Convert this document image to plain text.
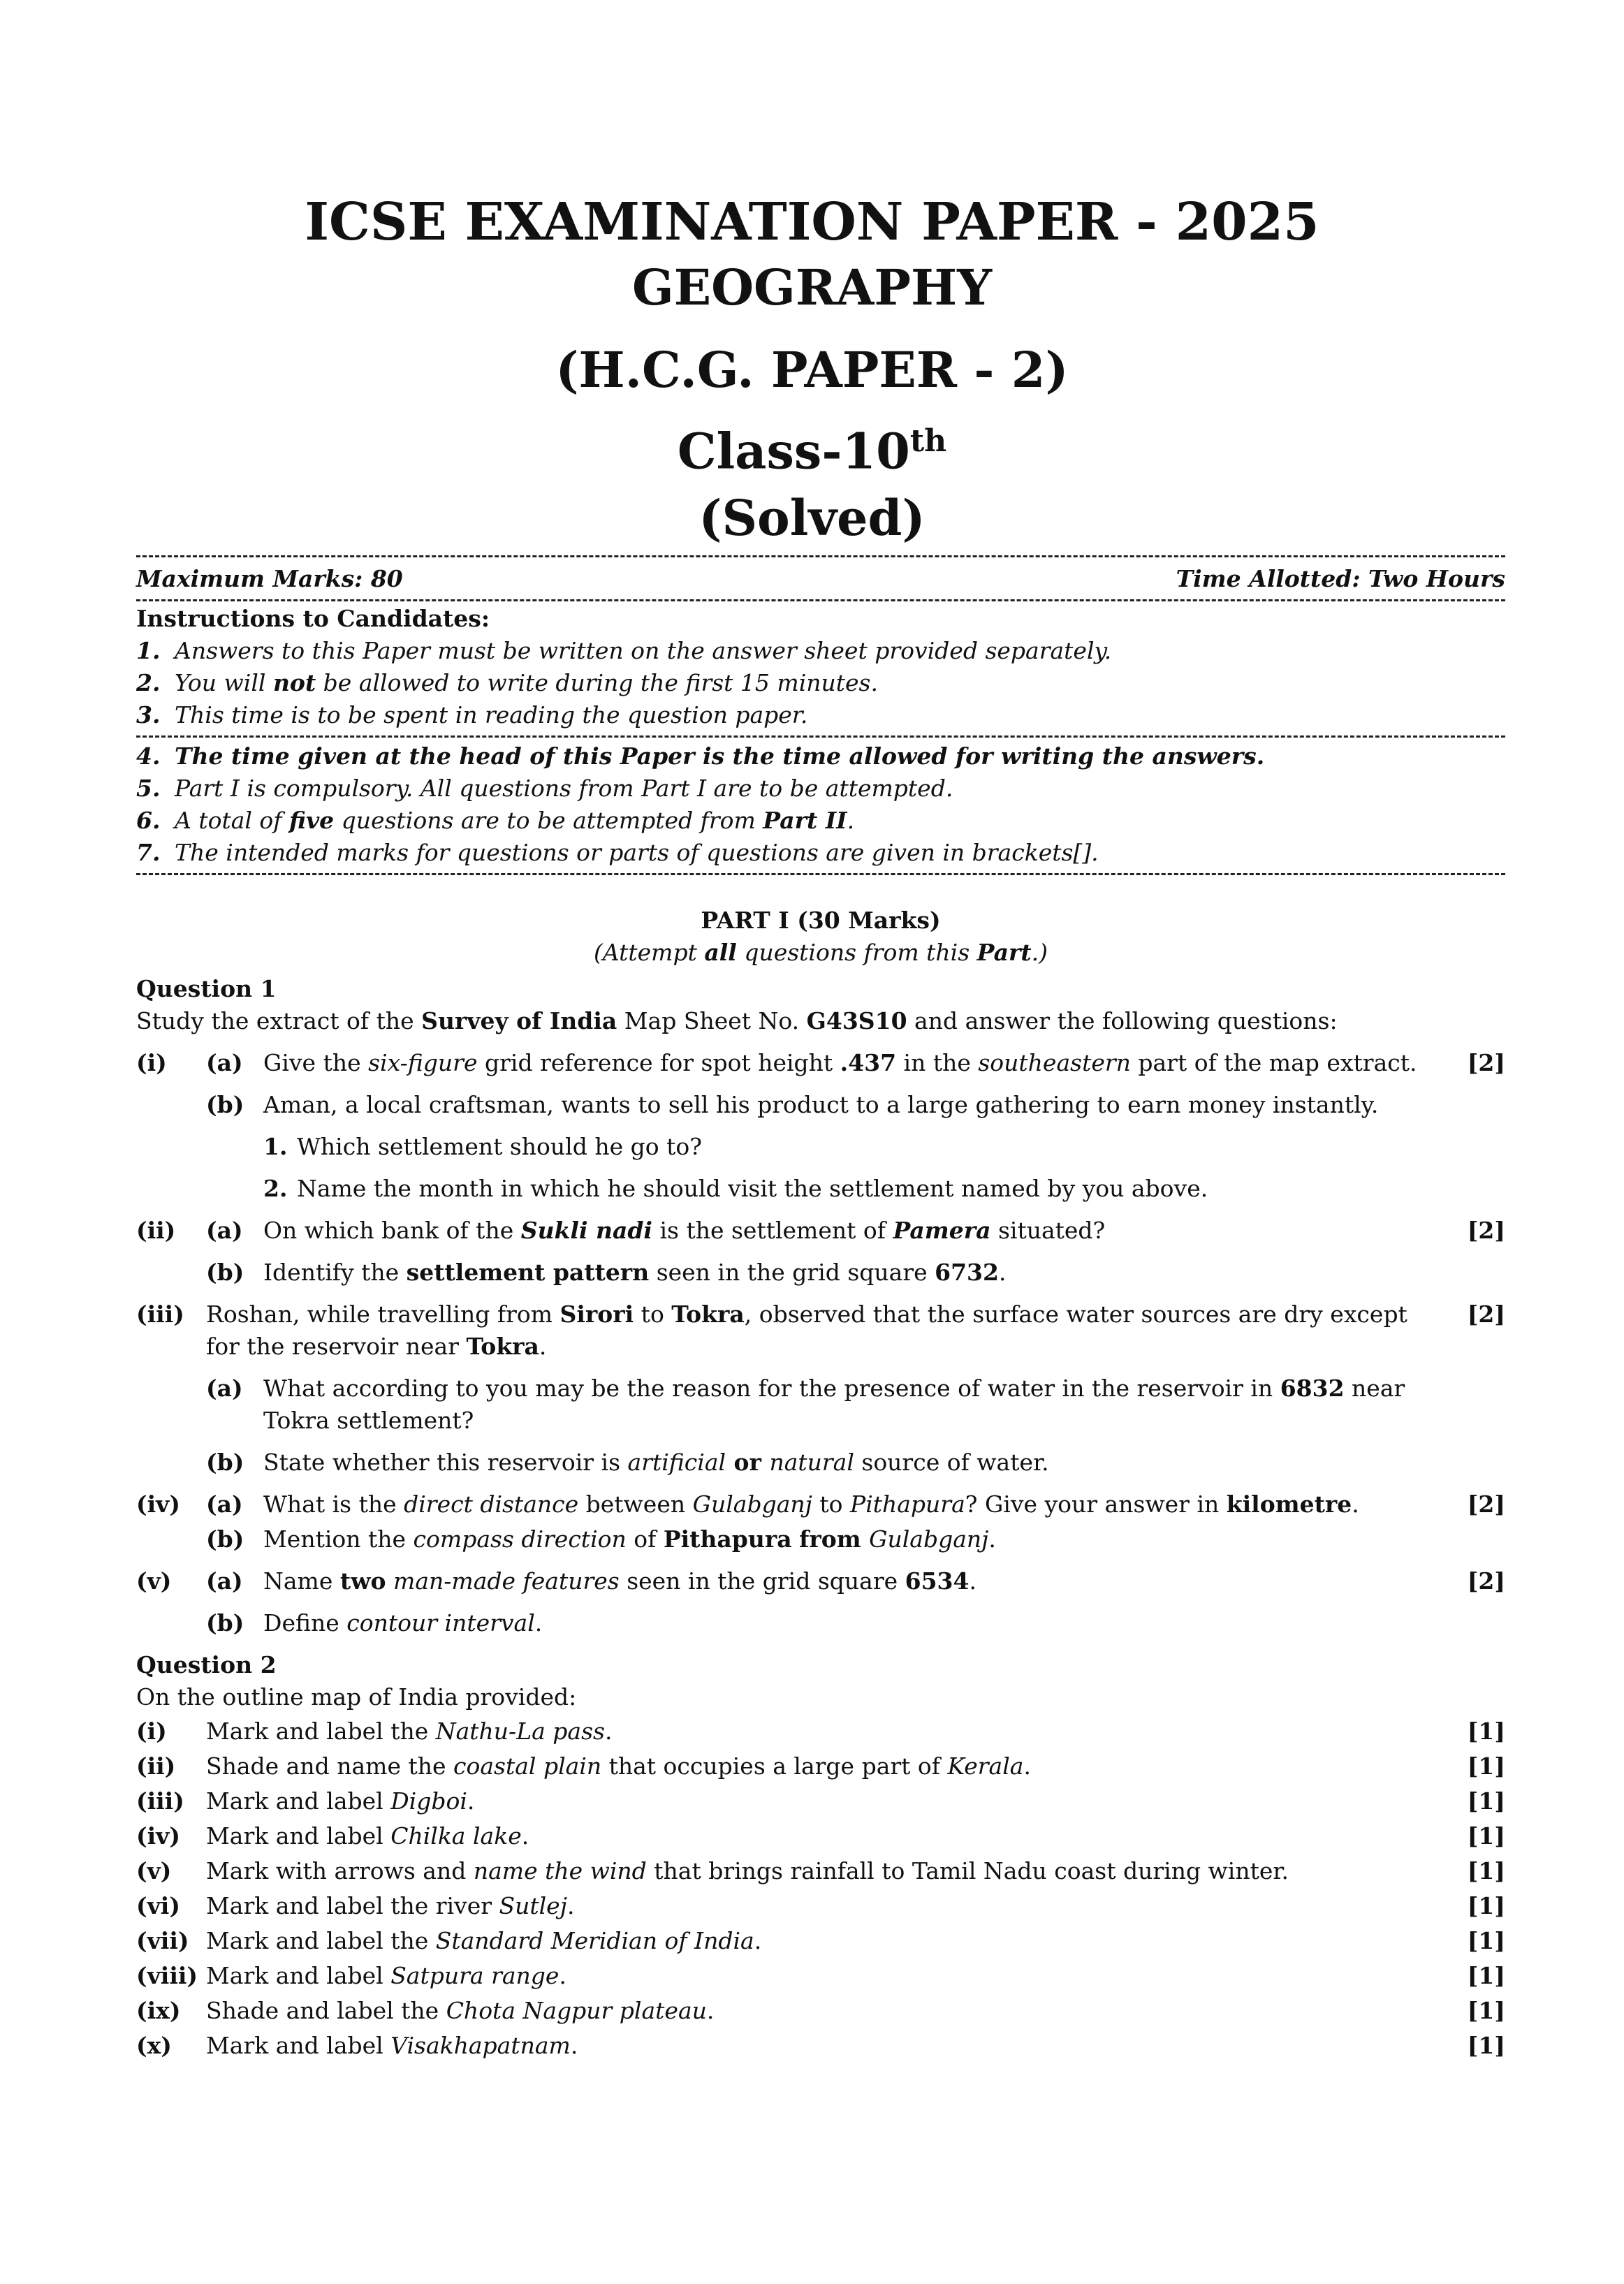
ICSE EXAMINATION PAPER - 2025
GEOGRAPHY
(H.C.G. PAPER - 2)
Class-10th
(Solved)
Maximum Marks: 80	Time Allotted: Two Hours
Instructions to Candidates:
1. Answers to this Paper must be written on the answer sheet provided separately.
2. You will not be allowed to write during the first 15 minutes.
3. This time is to be spent in reading the question paper.
4. The time given at the head of this Paper is the time allowed for writing the answers.
5. Part I is compulsory. All questions from Part I are to be attempted.
6. A total of five questions are to be attempted from Part II.
7. The intended marks for questions or parts of questions are given in brackets[].
PART I (30 Marks)
(Attempt all questions from this Part.)
Question 1
Study the extract of the Survey of India Map Sheet No. G43S10 and answer the following questions:
(i)	(a) Give the six-figure grid reference for spot height .437 in the southeastern part of the map extract.	[2]
(b) Aman, a local craftsman, wants to sell his product to a large gathering to earn money instantly.
1. Which settlement should he go to?
2. Name the month in which he should visit the settlement named by you above.
(ii)	(a) On which bank of the Sukli nadi is the settlement of Pamera situated?	[2]
(b) Identify the settlement pattern seen in the grid square 6732.
(iii) Roshan, while travelling from Sirori to Tokra, observed that the surface water sources are dry except for the reservoir near Tokra.
[2]
(a) What according to you may be the reason for the presence of water in the reservoir in 6832 near Tokra settlement?
(b) State whether this reservoir is artificial or natural source of water.
(iv)	(a) What is the direct distance between Gulabganj to Pithapura? Give your answer in kilometre.	[2]
(b) Mention the compass direction of Pithapura from Gulabganj.
(v)	(a) Name two man-made features seen in the grid square 6534.	[2]
(b) Define contour interval.
Question 2
On the outline map of India provided:
(i)	Mark and label the Nathu-La pass.	[1]
(ii)	Shade and name the coastal plain that occupies a large part of Kerala.	[1]
(iii) Mark and label Digboi.	[1]
(iv)	Mark and label Chilka lake.	[1]
(v)	Mark with arrows and name the wind that brings rainfall to Tamil Nadu coast during winter.	[1]
(vi)	Mark and label the river Sutlej.	[1]
(vii) Mark and label the Standard Meridian of India.	[1]
(viii) Mark and label Satpura range.	[1]
(ix)	Shade and label the Chota Nagpur plateau.	[1]
(x)	Mark and label Visakhapatnam.	[1]
